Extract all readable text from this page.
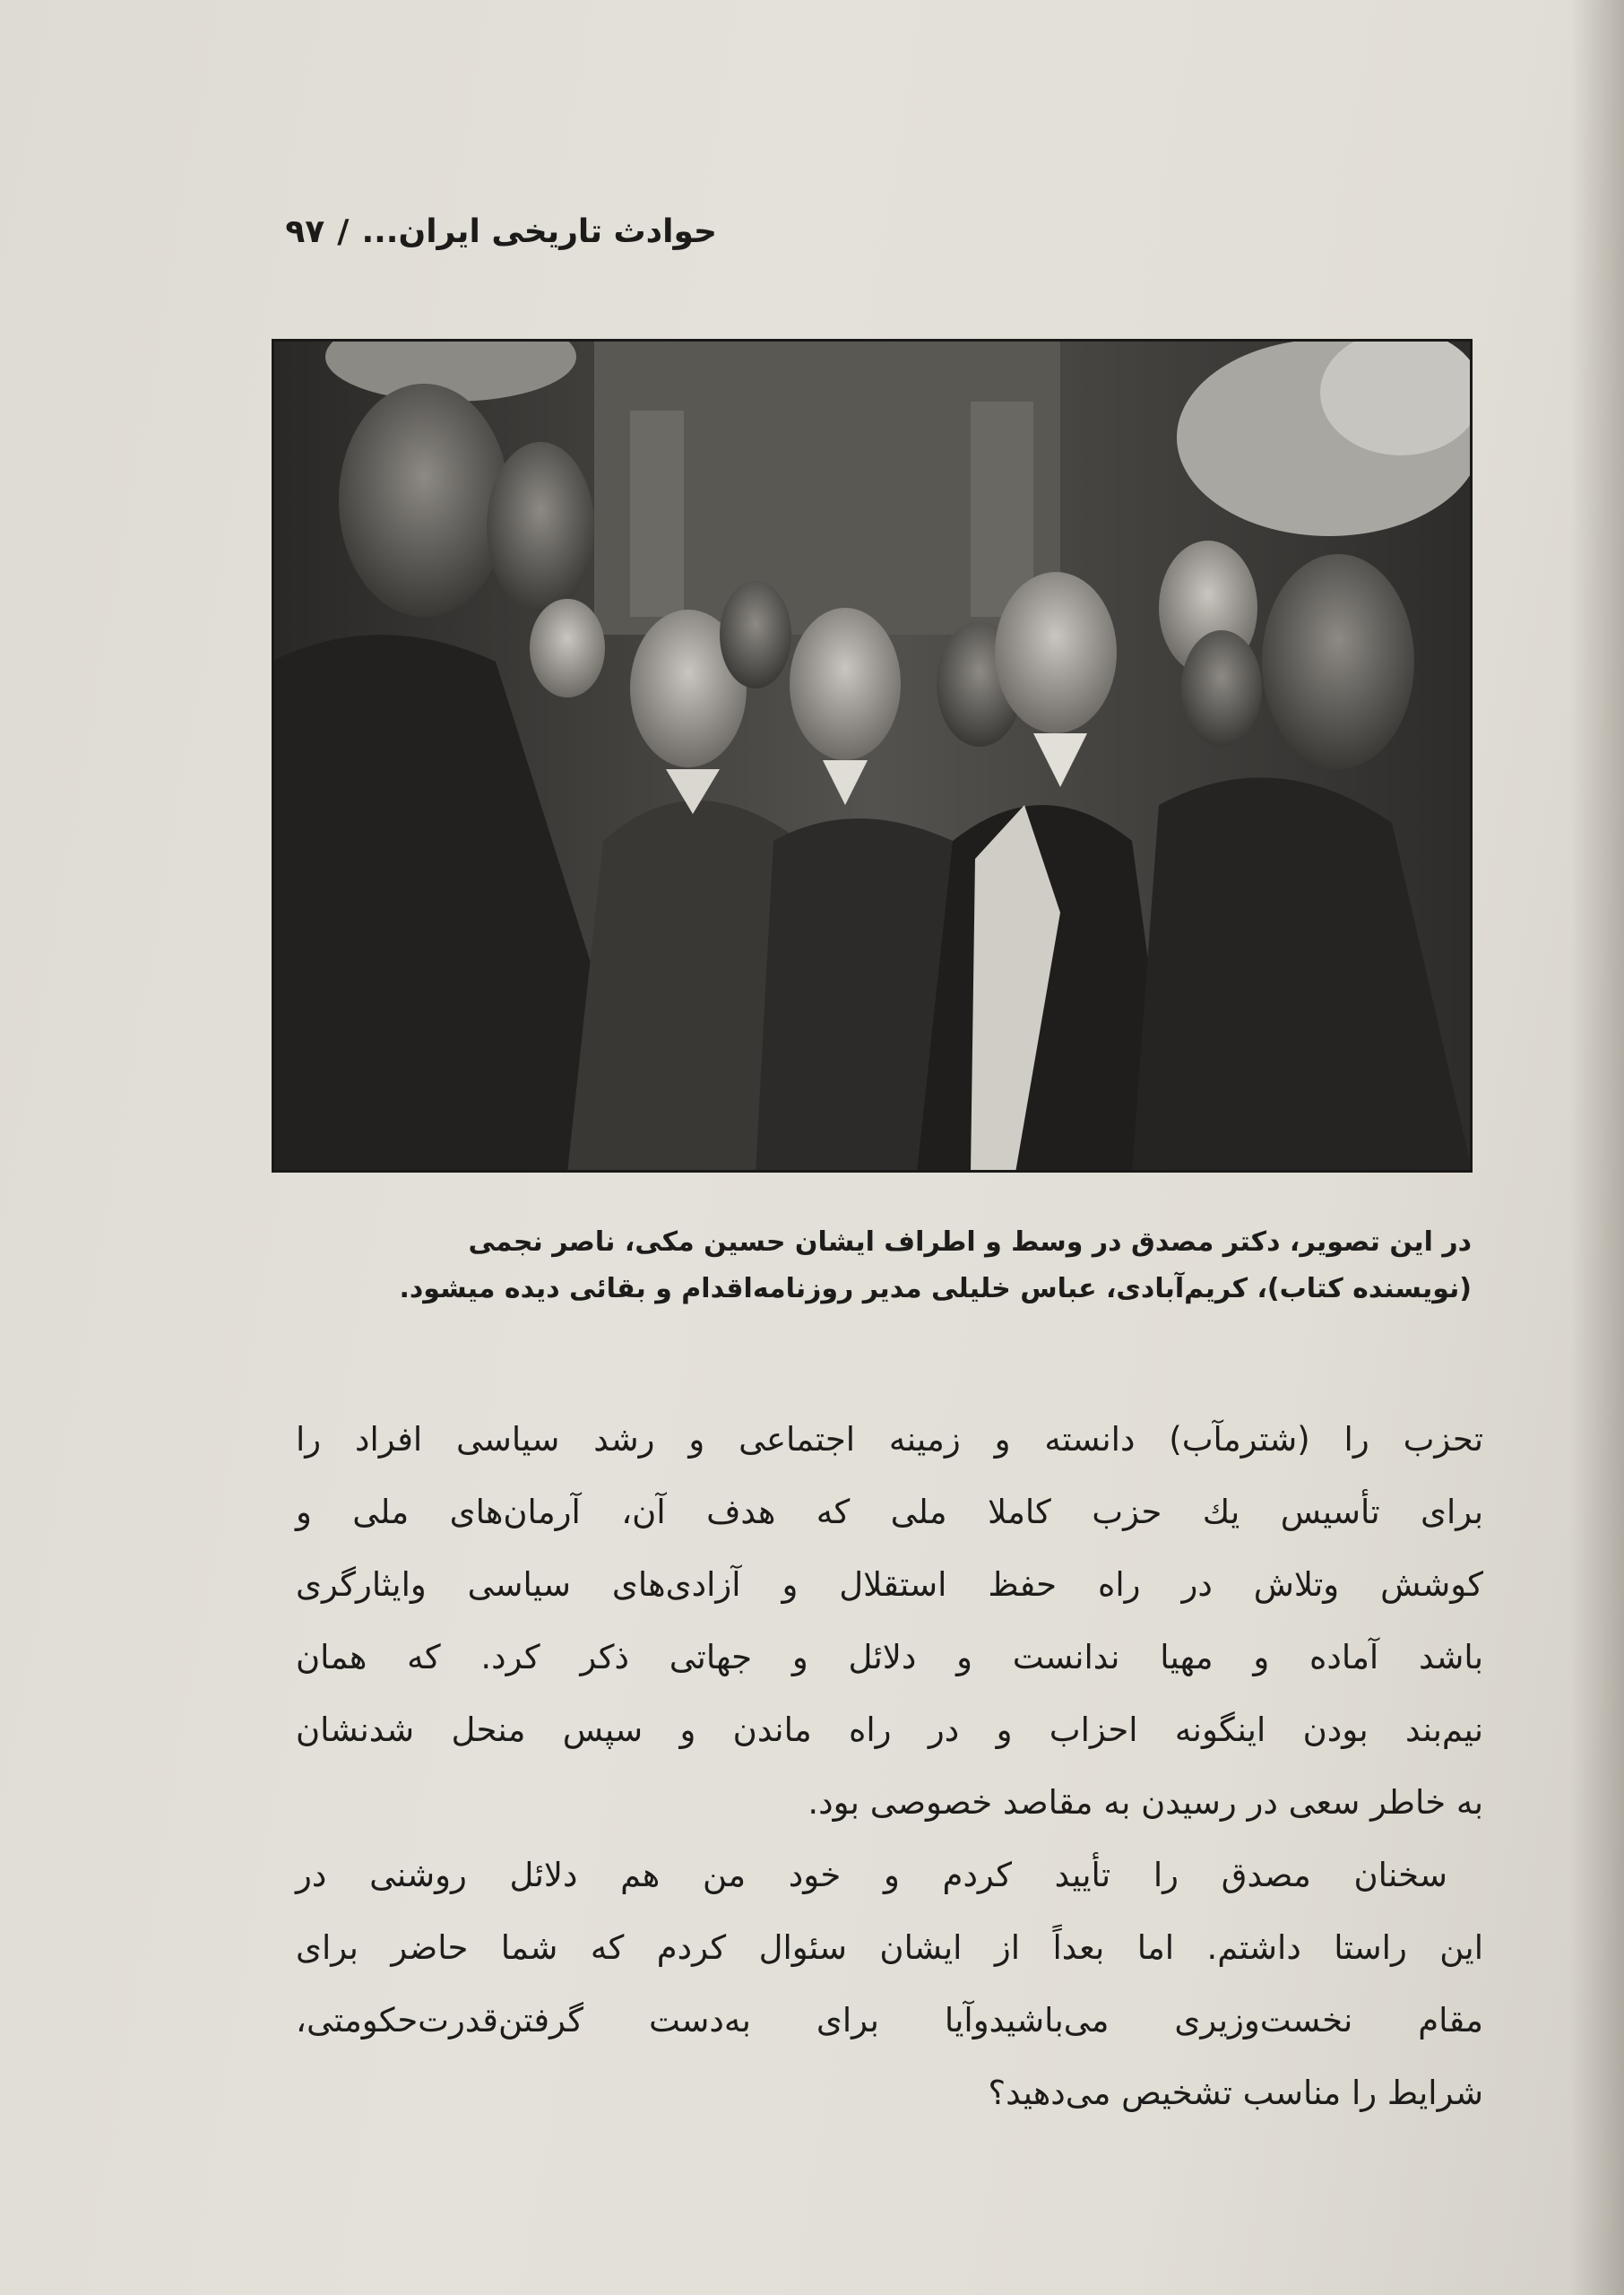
حوادث تاریخی ایران.../۹۷
در این تصویر، دکتر مصدق در وسط و اطراف ایشان حسین مکی، ناصر نجمی
(نویسنده کتاب)، کریم‌آبادی، عباس خلیلی مدیر روزنامه‌اقدام و بقائی دیده میشود.
تحزب را (شترمآب) دانسته و زمینه اجتماعی و رشد سیاسی افراد را
برای تأسیس یك حزب کاملا ملی که هدف آن، آرمان‌های ملی و
کوشش وتلاش در راه حفظ استقلال و آزادی‌های سیاسی وایثارگری
باشد آماده و مهیا ندانست و دلائل و جهاتی ذکر کرد. که همان
نیم‌بند بودن اینگونه احزاب و در راه ماندن و سپس منحل شدنشان
به خاطر سعی در رسیدن به مقاصد خصوصی بود.
سخنان مصدق را تأیید کردم و خود من هم دلائل روشنی در
این راستا داشتم. اما بعداً از ایشان سئوال کردم که شما حاضر برای
مقام نخست‌وزیری می‌باشیدوآیا برای به‌دست گرفتن‌قدرت‌حکومتی،
شرایط را مناسب تشخیص می‌دهید؟
